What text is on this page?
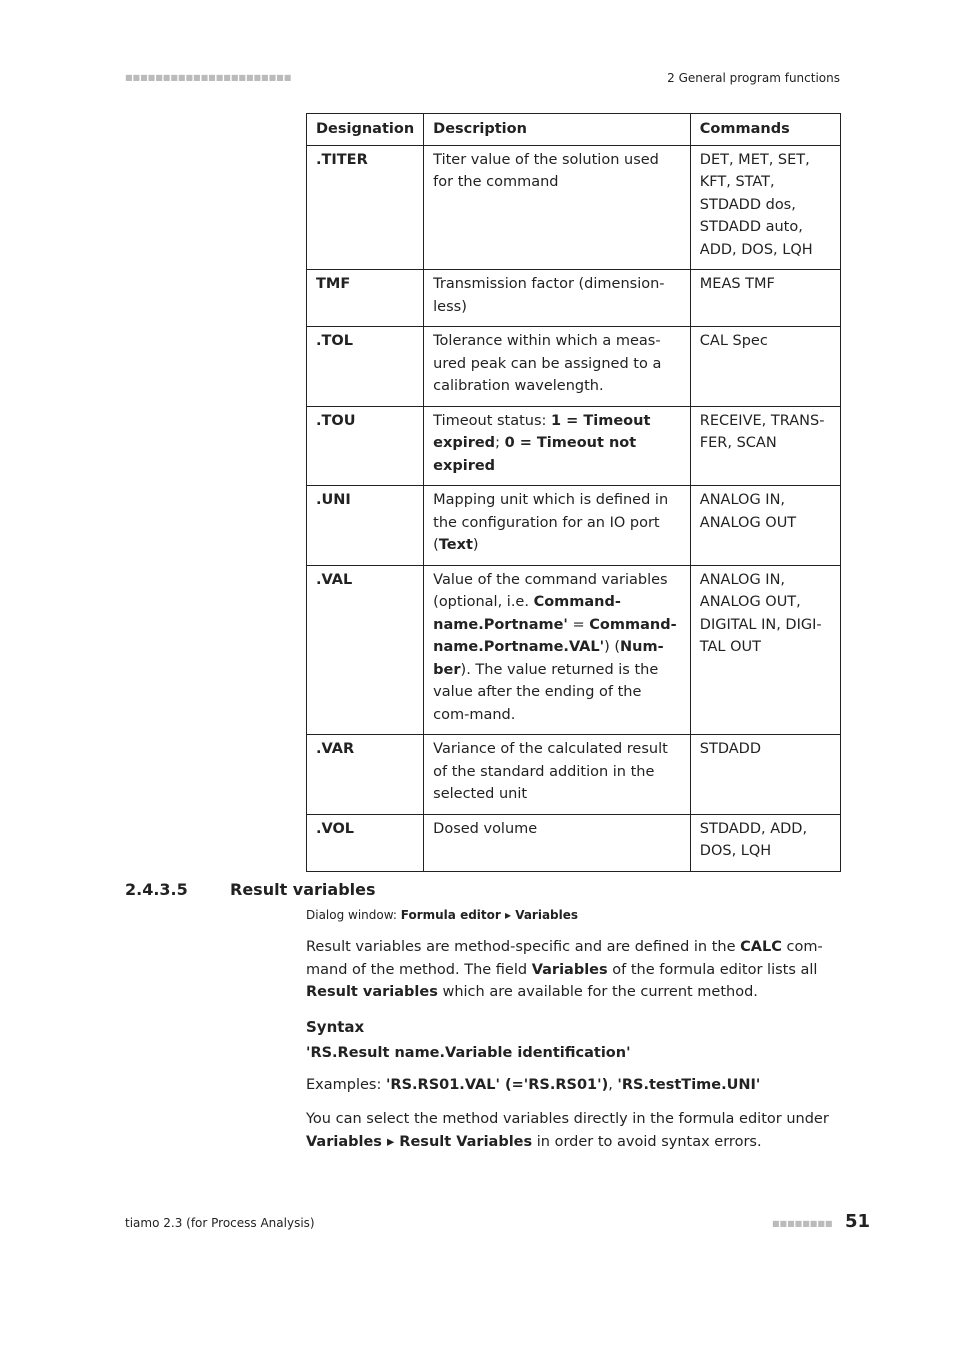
■■■■■■■■■■■■■■■■■■■■■■	2 General program functions
Designation	Description	Commands
.TITER	Titer value of the solution used for the command	DET, MET, SET, KFT, STAT, STDADD dos, STDADD auto, ADD, DOS, LQH
TMF	Transmission factor (dimension-less)	MEAS TMF
.TOL	Tolerance within which a meas-ured peak can be assigned to a calibration wavelength.	CAL Spec
.TOU	Timeout status: 1 = Timeout expired; 0 = Timeout not expired	RECEIVE, TRANS-FER, SCAN
.UNI	Mapping unit which is defined in the configuration for an IO port (Text)	ANALOG IN, ANALOG OUT
.VAL	Value of the command variables (optional, i.e. Command-name.Portname' = Command-name.Portname.VAL') (Num-ber). The value returned is the value after the ending of the com-mand.	ANALOG IN, ANALOG OUT, DIGITAL IN, DIGI-TAL OUT
.VAR	Variance of the calculated result of the standard addition in the selected unit	STDADD
.VOL	Dosed volume	STDADD, ADD, DOS, LQH
2.4.3.5	Result variables
Dialog window: Formula editor ▸ Variables

Result variables are method-specific and are defined in the CALC com-mand of the method. The field Variables of the formula editor lists all Result variables which are available for the current method.

Syntax
'RS.Result name.Variable identification'

Examples: 'RS.RS01.VAL' (='RS.RS01'), 'RS.testTime.UNI'

You can select the method variables directly in the formula editor under Variables ▸ Result Variables in order to avoid syntax errors.

tiamo 2.3 (for Process Analysis)	■■■■■■■■ 51
